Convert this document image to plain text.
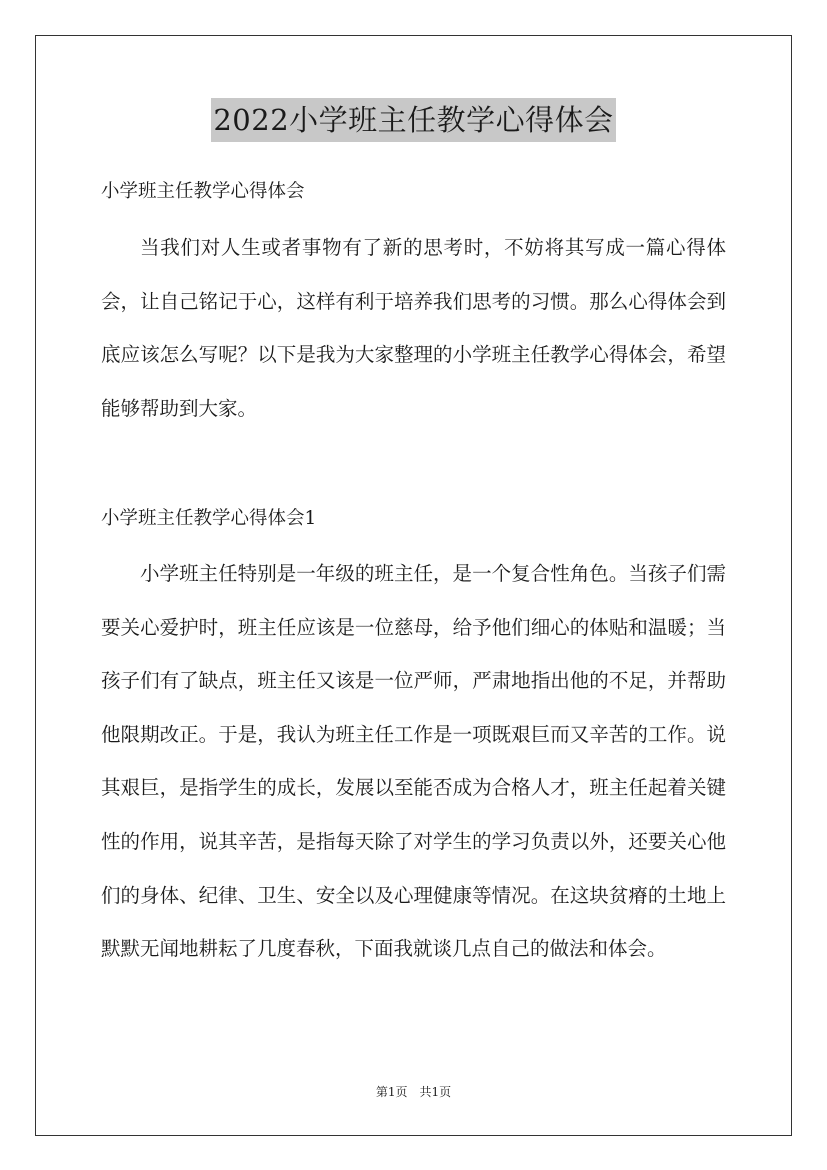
2022小学班主任教学心得体会
小学班主任教学心得体会

当我们对人生或者事物有了新的思考时，不妨将其写成一篇心得体会，让自己铭记于心，这样有利于培养我们思考的习惯。那么心得体会到底应该怎么写呢？以下是我为大家整理的小学班主任教学心得体会，希望能够帮助到大家。

小学班主任教学心得体会1

小学班主任特别是一年级的班主任，是一个复合性角色。当孩子们需要关心爱护时，班主任应该是一位慈母，给予他们细心的体贴和温暖；当孩子们有了缺点，班主任又该是一位严师，严肃地指出他的不足，并帮助他限期改正。于是，我认为班主任工作是一项既艰巨而又辛苦的工作。说其艰巨，是指学生的成长，发展以至能否成为合格人才，班主任起着关键性的作用，说其辛苦，是指每天除了对学生的学习负责以外，还要关心他们的身体、纪律、卫生、安全以及心理健康等情况。在这块贫瘠的土地上默默无闻地耕耘了几度春秋，下面我就谈几点自己的做法和体会。

第1页　共1页
